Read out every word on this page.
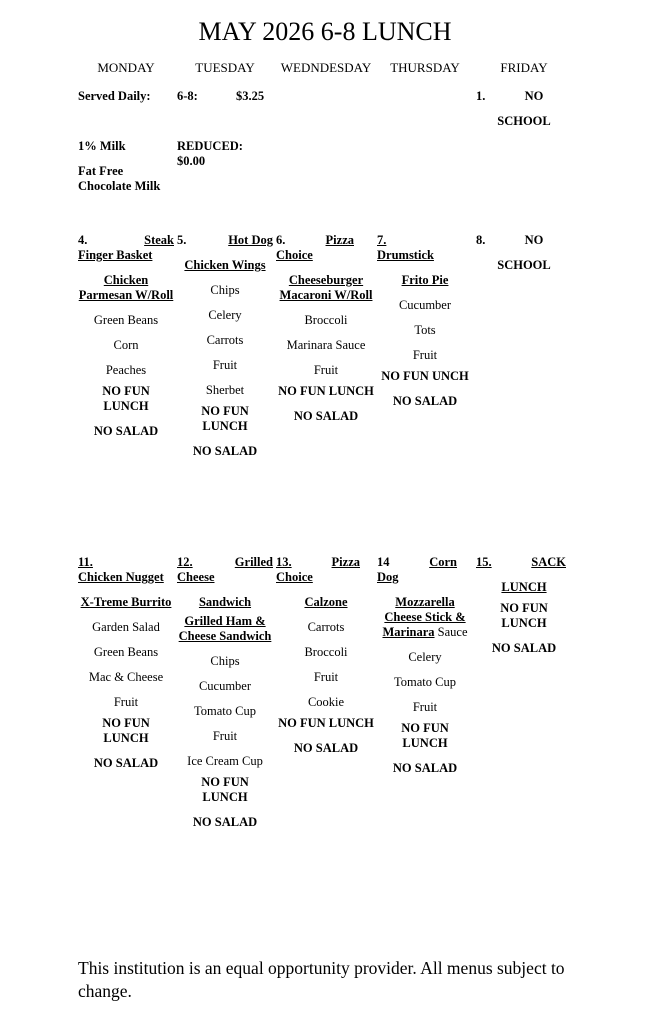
MAY 2026 6-8 LUNCH
MONDAY	TUESDAY	WEDNDESDAY	THURSDAY	FRIDAY
Served Daily: 6-8:	$3.25
1% Milk
Fat Free Chocolate Milk
REDUCED: $0.00
1.	NO
SCHOOL
4.	Steak
Finger Basket
Chicken Parmesan W/Roll
Green Beans
Corn
Peaches
NO FUN LUNCH
NO SALAD
5.	Hot Dog
Chicken Wings
Chips
Celery
Carrots
Fruit
Sherbet
NO FUN LUNCH
NO SALAD
6.	Pizza
Choice
Cheeseburger Macaroni W/Roll
Broccoli
Marinara Sauce
Fruit
NO FUN LUNCH
NO SALAD
7.
Drumstick
Frito Pie
Cucumber
Tots
Fruit
NO FUN UNCH
NO SALAD
8.	NO
SCHOOL
11.
Chicken Nugget
X-Treme Burrito
Garden Salad
Green Beans
Mac & Cheese
Fruit
NO FUN LUNCH
NO SALAD
12.	Grilled
Cheese
Sandwich
Grilled Ham & Cheese Sandwich
Chips
Cucumber
Tomato Cup
Fruit
Ice Cream Cup
NO FUN LUNCH
NO SALAD
13.	Pizza
Choice
Calzone
Carrots
Broccoli
Fruit
Cookie
NO FUN LUNCH
NO SALAD
14	Corn
Dog
Mozzarella Cheese Stick & Marinara Sauce
Celery
Tomato Cup
Fruit
NO FUN LUNCH
NO SALAD
15.	SACK
LUNCH
NO FUN LUNCH
NO SALAD
This institution is an equal opportunity provider. All menus subject to change.
